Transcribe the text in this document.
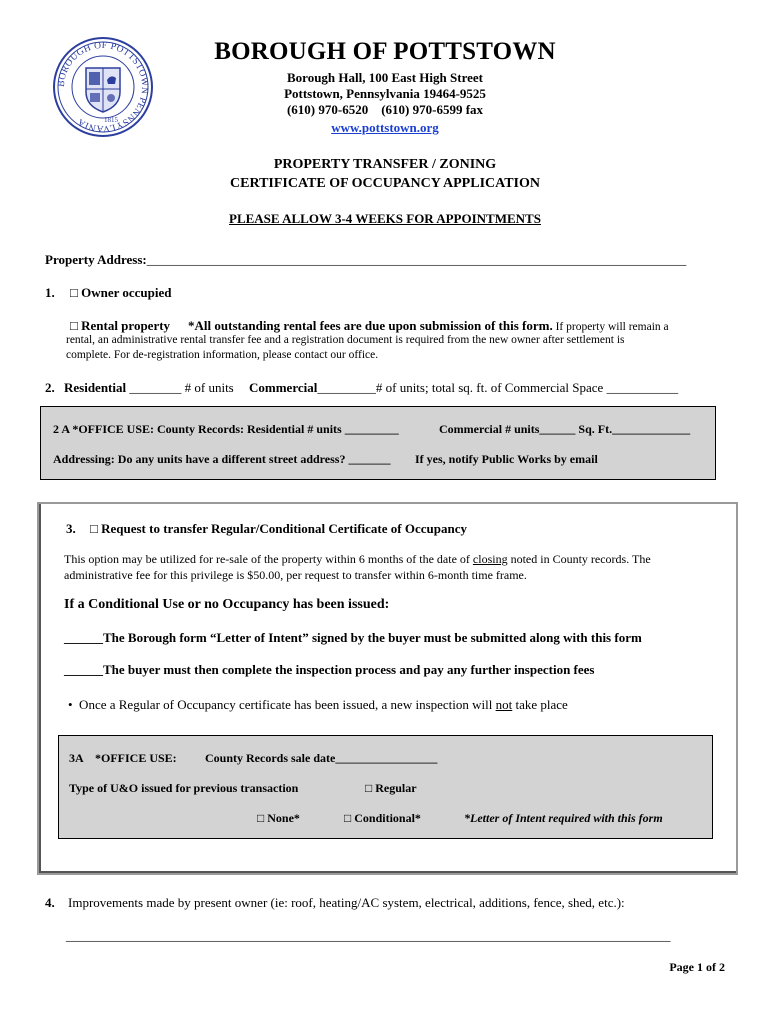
BOROUGH OF POTTSTOWN PENNSYLVANIA	1815
BOROUGH OF POTTSTOWN
Borough Hall, 100 East High Street
Pottstown, Pennsylvania 19464-9525
(610) 970-6520    (610) 970-6599 fax
www.pottstown.org
PROPERTY TRANSFER / ZONING
CERTIFICATE OF OCCUPANCY APPLICATION
PLEASE ALLOW 3-4 WEEKS FOR APPOINTMENTS
Property Address:___________________________________________________________________________________
1. □ Owner occupied
□ Rental property *All outstanding rental fees are due upon submission of this form. If property will remain a
rental, an administrative rental transfer fee and a registration document is required from the new owner after settlement is
complete. For de-registration information, please contact our office.
2. Residential ________ # of units Commercial_________# of units; total sq. ft. of Commercial Space ___________
2 A *OFFICE USE: County Records: Residential # units _________	Commercial # units______ Sq. Ft._____________
Addressing: Do any units have a different street address? _______ If yes, notify Public Works by email
3. □ Request to transfer Regular/Conditional Certificate of Occupancy
This option may be utilized for re-sale of the property within 6 months of the date of closing noted in County records. The
administrative fee for this privilege is $50.00, per request to transfer within 6-month time frame.
If a Conditional Use or no Occupancy has been issued:
______The Borough form “Letter of Intent” signed by the buyer must be submitted along with this form
______The buyer must then complete the inspection process and pay any further inspection fees
•  Once a Regular of Occupancy certificate has been issued, a new inspection will not take place
3A    *OFFICE USE: County Records sale date_________________
Type of U&O issued for previous transaction	□ Regular
□ None*	□ Conditional*	*Letter of Intent required with this form
4. Improvements made by present owner (ie: roof, heating/AC system, electrical, additions, fence, shed, etc.):
_____________________________________________________________________________________________
Page 1 of 2
